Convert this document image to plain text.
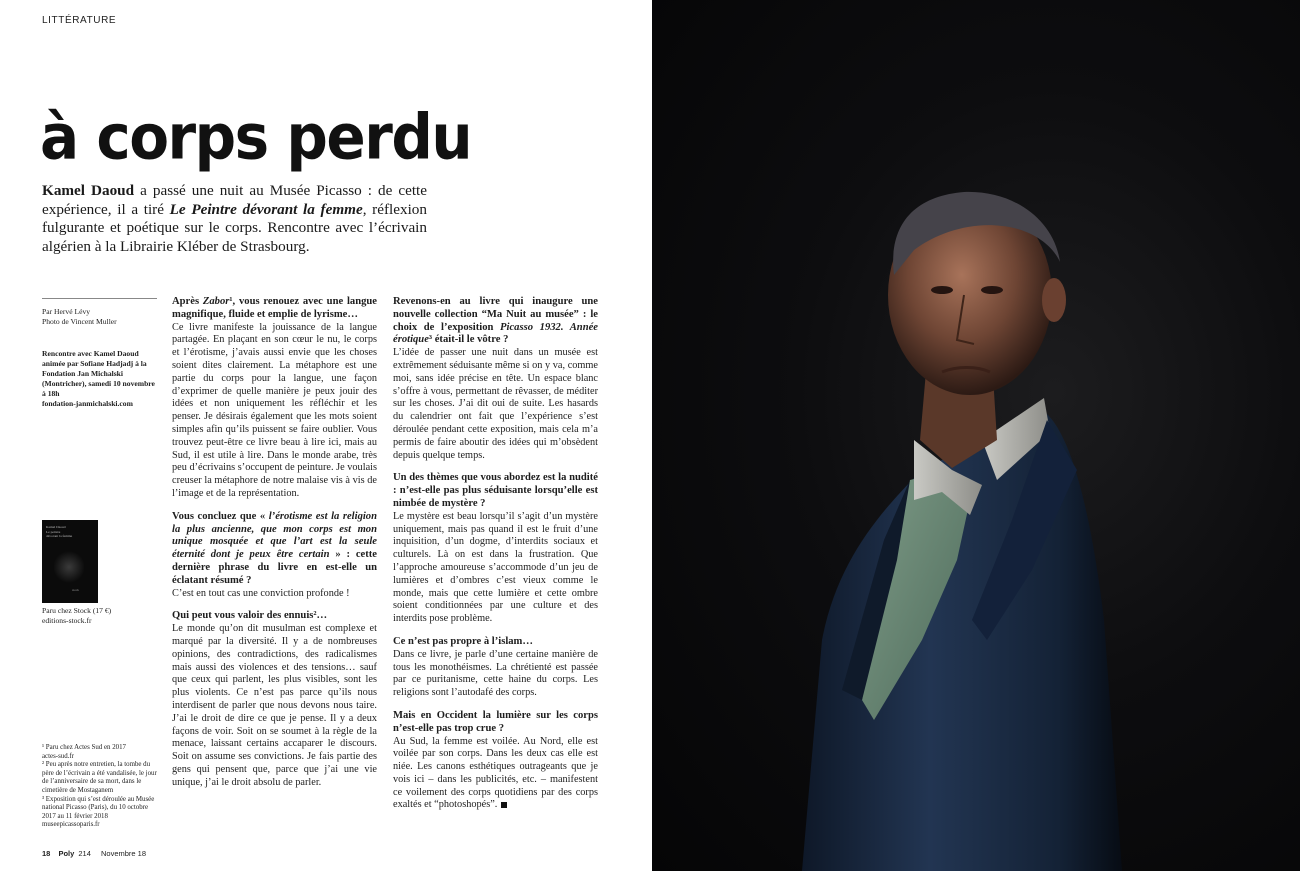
LITTÉRATURE
à corps perdu

Kamel Daoud a passé une nuit au Musée Picasso : de cette expérience, il a tiré Le Peintre dévorant la femme, réflexion fulgurante et poétique sur le corps. Rencontre avec l’écrivain algérien à la Librairie Kléber de Strasbourg.

Par Hervé Lévy
Photo de Vincent Muller
Rencontre avec Kamel Daoud animée par Sofiane Hadjadj à la Fondation Jan Michalski (Montricher), samedi 10 novembre à 18h
fondation-janmichalski.com
Kamel Daoud
Le peintre
dévorant la femme
stock
Paru chez Stock (17 €)
editions-stock.fr
¹ Paru chez Actes Sud en 2017
actes-sud.fr
² Peu après notre entretien, la tombe du père de l’écrivain a été vandalisée, le jour de l’anniversaire de sa mort, dans le cimetière de Mostaganem
³ Exposition qui s’est déroulée au Musée national Picasso (Paris), du 10 octobre 2017 au 11 février 2018
museepicassoparis.fr

Après Zabor¹, vous renouez avec une langue magnifique, fluide et emplie de lyrisme…

Ce livre manifeste la jouissance de la langue partagée. En plaçant en son cœur le nu, le corps et l’érotisme, j’avais aussi envie que les choses soient dites clairement. La métaphore est une partie du corps pour la langue, une façon d’exprimer de quelle manière je peux jouir des idées et non uniquement les réfléchir et les penser. Je désirais également que les mots soient simples afin qu’ils puissent se faire oublier. Vous trouvez peut-être ce livre beau à lire ici, mais au Sud, il est utile à lire. Dans le monde arabe, très peu d’écrivains s’occupent de peinture. Je voulais creuser la métaphore de notre malaise vis à vis de l’image et de la représentation.

Vous concluez que « l’érotisme est la religion la plus ancienne, que mon corps est mon unique mosquée et que l’art est la seule éternité dont je peux être certain » : cette dernière phrase du livre en est-elle un éclatant résumé ?

C’est en tout cas une conviction profonde !

Qui peut vous valoir des ennuis²…

Le monde qu’on dit musulman est complexe et marqué par la diversité. Il y a de nombreuses opinions, des contradictions, des radicalismes mais aussi des violences et des tensions… sauf que ceux qui parlent, les plus visibles, sont les plus violents. Ce n’est pas parce qu’ils nous interdisent de parler que nous devons nous taire. J’ai le droit de dire ce que je pense. Il y a deux façons de voir. Soit on se soumet à la règle de la menace, laissant certains accaparer le discours. Soit on assume ses convictions. Je fais partie des gens qui pensent que, parce que j’ai une vie unique, j’ai le droit absolu de parler.

Revenons-en au livre qui inaugure une nouvelle collection “Ma Nuit au musée” : le choix de l’exposition Picasso 1932. Année érotique³ était-il le vôtre ?

L’idée de passer une nuit dans un musée est extrêmement séduisante même si on y va, comme moi, sans idée précise en tête. Un espace blanc s’offre à vous, permettant de rêvasser, de méditer sur les choses. J’ai dit oui de suite. Les hasards du calendrier ont fait que l’expérience s’est déroulée pendant cette exposition, mais cela m’a permis de faire aboutir des idées qui m’obsèdent depuis quelque temps.

Un des thèmes que vous abordez est la nudité : n’est-elle pas plus séduisante lorsqu’elle est nimbée de mystère ?

Le mystère est beau lorsqu’il s’agit d’un mystère uniquement, mais pas quand il est le fruit d’une inquisition, d’un dogme, d’interdits sociaux et culturels. Là on est dans la frustration. Que l’approche amoureuse s’accommode d’un jeu de lumières et d’ombres c’est vieux comme le monde, mais que cette lumière et cette ombre soient conditionnées par une culture et des interdits pose problème.

Ce n’est pas propre à l’islam…

Dans ce livre, je parle d’une certaine manière de tous les monothéismes. La chrétienté est passée par ce puritanisme, cette haine du corps. Les religions sont l’autodafé des corps.

Mais en Occident la lumière sur les corps n’est-elle pas trop crue ?

Au Sud, la femme est voilée. Au Nord, elle est voilée par son corps. Dans les deux cas elle est niée. Les canons esthétiques outrageants que je vois ici – dans les publicités, etc. – manifestent ce voilement des corps quotidiens par des corps exaltés et “photoshopés”.

18 Poly 214 Novembre 18
